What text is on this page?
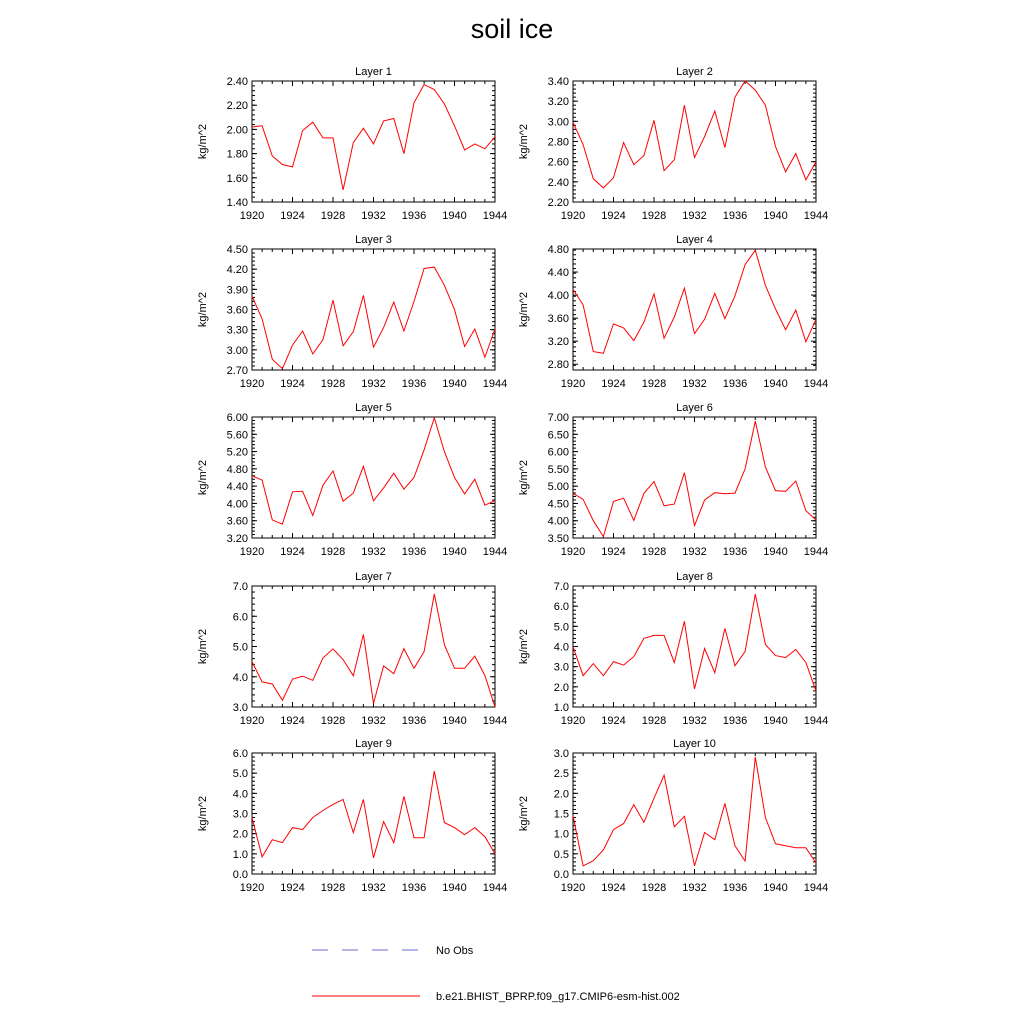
soil ice
Layer 1
kg/m^2
1920 1924 1928 1932 1936 1940 1944
1.40
1.60
1.80
2.00
2.20
2.40
Layer 2
kg/m^2
1920 1924 1928 1932 1936 1940 1944
2.20
2.40
2.60
2.80
3.00
3.20
3.40
Layer 3
kg/m^2
1920 1924 1928 1932 1936 1940 1944
2.70
3.00
3.30
3.60
3.90
4.20
4.50
Layer 4
kg/m^2
1920 1924 1928 1932 1936 1940 1944
2.80
3.20
3.60
4.00
4.40
4.80
Layer 5
kg/m^2
1920 1924 1928 1932 1936 1940 1944
3.20
3.60
4.00
4.40
4.80
5.20
5.60
6.00
Layer 6
kg/m^2
1920 1924 1928 1932 1936 1940 1944
3.50
4.00
4.50
5.00
5.50
6.00
6.50
7.00
Layer 7
kg/m^2
1920 1924 1928 1932 1936 1940 1944
3.0
4.0
5.0
6.0
7.0
Layer 8
kg/m^2
1920 1924 1928 1932 1936 1940 1944
1.0
2.0
3.0
4.0
5.0
6.0
7.0
Layer 9
kg/m^2
1920 1924 1928 1932 1936 1940 1944
0.0
1.0
2.0
3.0
4.0
5.0
6.0
Layer 10
kg/m^2
1920 1924 1928 1932 1936 1940 1944
0.0
0.5
1.0
1.5
2.0
2.5
3.0
No Obs
b.e21.BHIST_BPRP.f09_g17.CMIP6-esm-hist.002
